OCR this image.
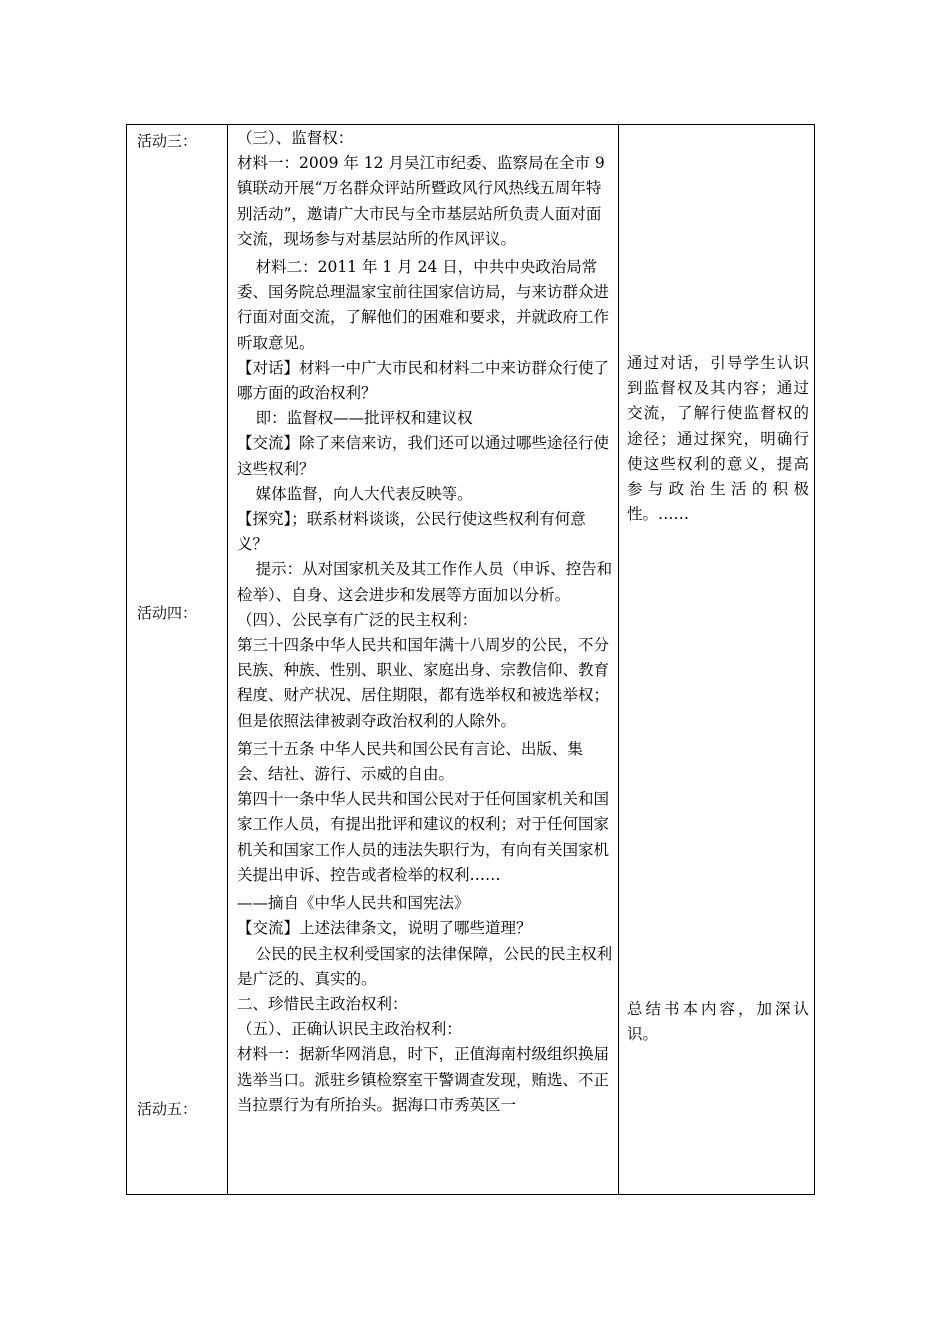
活动三：
活动四：
活动五：

（三）、监督权：

材料一：2009 年 12 月吴江市纪委、监察局在全市 9 镇联动开展“万名群众评站所暨政风行风热线五周年特别活动”，邀请广大市民与全市基层站所负责人面对面交流，现场参与对基层站所的作风评议。

材料二：2011 年 1 月 24 日，中共中央政治局常委、国务院总理温家宝前往国家信访局，与来访群众进行面对面交流，了解他们的困难和要求，并就政府工作听取意见。

【对话】材料一中广大市民和材料二中来访群众行使了哪方面的政治权利？

即：监督权——批评权和建议权

【交流】除了来信来访，我们还可以通过哪些途径行使这些权利？

媒体监督，向人大代表反映等。

【探究】；联系材料谈谈，公民行使这些权利有何意义？

提示：从对国家机关及其工作作人员（申诉、控告和检举）、自身、这会进步和发展等方面加以分析。

（四）、公民享有广泛的民主权利：

第三十四条中华人民共和国年满十八周岁的公民，不分民族、种族、性别、职业、家庭出身、宗教信仰、教育程度、财产状况、居住期限，都有选举权和被选举权；但是依照法律被剥夺政治权利的人除外。

第三十五条 中华人民共和国公民有言论、出版、集会、结社、游行、示威的自由。

第四十一条中华人民共和国公民对于任何国家机关和国家工作人员，有提出批评和建议的权利；对于任何国家机关和国家工作人员的违法失职行为，有向有关国家机关提出申诉、控告或者检举的权利……

——摘自《中华人民共和国宪法》

【交流】上述法律条文，说明了哪些道理？

公民的民主权利受国家的法律保障，公民的民主权利是广泛的、真实的。

二、珍惜民主政治权利：

（五）、正确认识民主政治权利：

材料一：据新华网消息，时下，正值海南村级组织换届选举当口。派驻乡镇检察室干警调查发现，贿选、不正当拉票行为有所抬头。据海口市秀英区一

通过对话，引导学生认识到监督权及其内容；通过交流，了解行使监督权的途径；通过探究，明确行使这些权利的意义，提高参与政治生活的积极性。……

总结书本内容，加深认识。
